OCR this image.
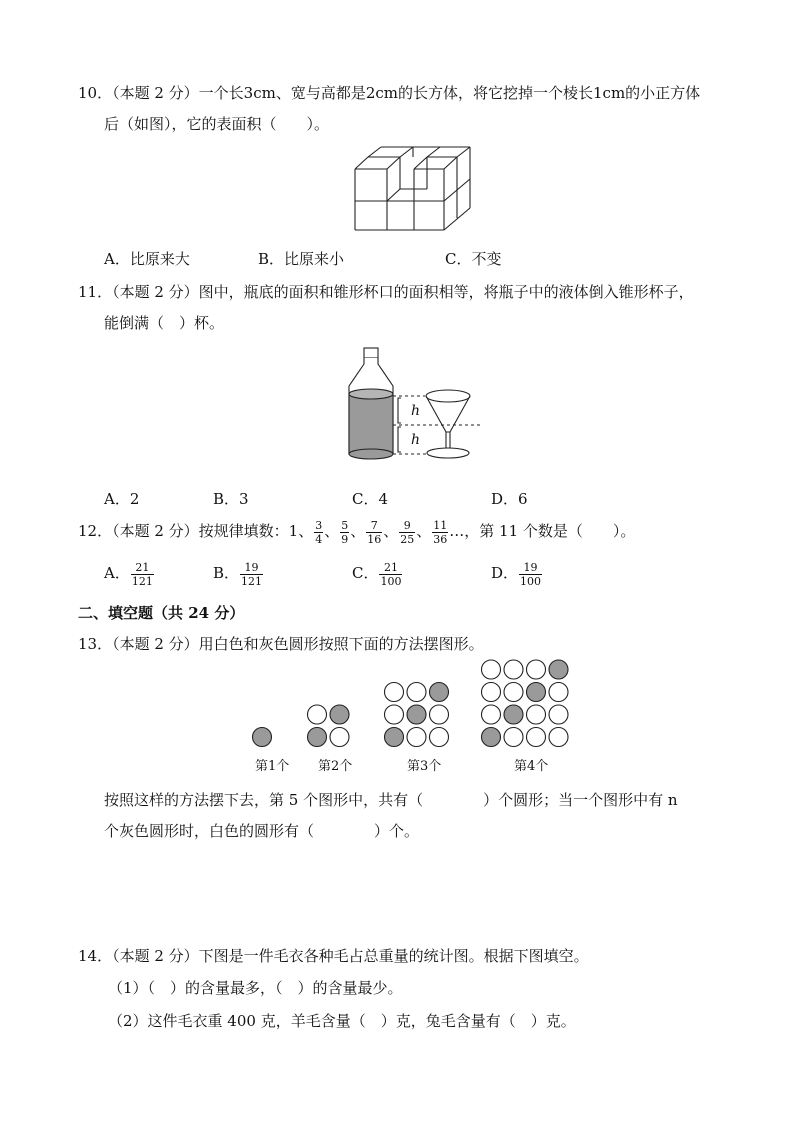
10．（本题 2 分）一个长3cm、宽与高都是2cm的长方体，将它挖掉一个棱长1cm的小正方体
后（如图），它的表面积（　　）。
A．比原来大	B．比原来小	C．不变
11．（本题 2 分）图中，瓶底的面积和锥形杯口的面积相等，将瓶子中的液体倒入锥形杯子，
能倒满（　）杯。
h
h
A．2	B．3	C．4	D．6
12．（本题 2 分）按规律填数：1、 $\frac{3}{4}$ 、 $\frac{5}{9}$ 、 $\frac{7}{16}$ 、 $\frac{9}{25}$ 、 $\frac{11}{36}$ …，第 11 个数是（　　）。
A． $\frac{21}{121}$	B． $\frac{19}{121}$	C． $\frac{21}{100}$	D． $\frac{19}{100}$
二、填空题（共 24 分）
13．（本题 2 分）用白色和灰色圆形按照下面的方法摆图形。
第1个 第2个	第3个	第4个
按照这样的方法摆下去，第 5 个图形中，共有（　　　　）个圆形；当一个图形中有 n
个灰色圆形时，白色的圆形有（　　　　）个。
14．（本题 2 分）下图是一件毛衣各种毛占总重量的统计图。根据下图填空。
（1）（　）的含量最多，（　）的含量最少。
（2）这件毛衣重 400 克，羊毛含量（　）克，兔毛含量有（　）克。
